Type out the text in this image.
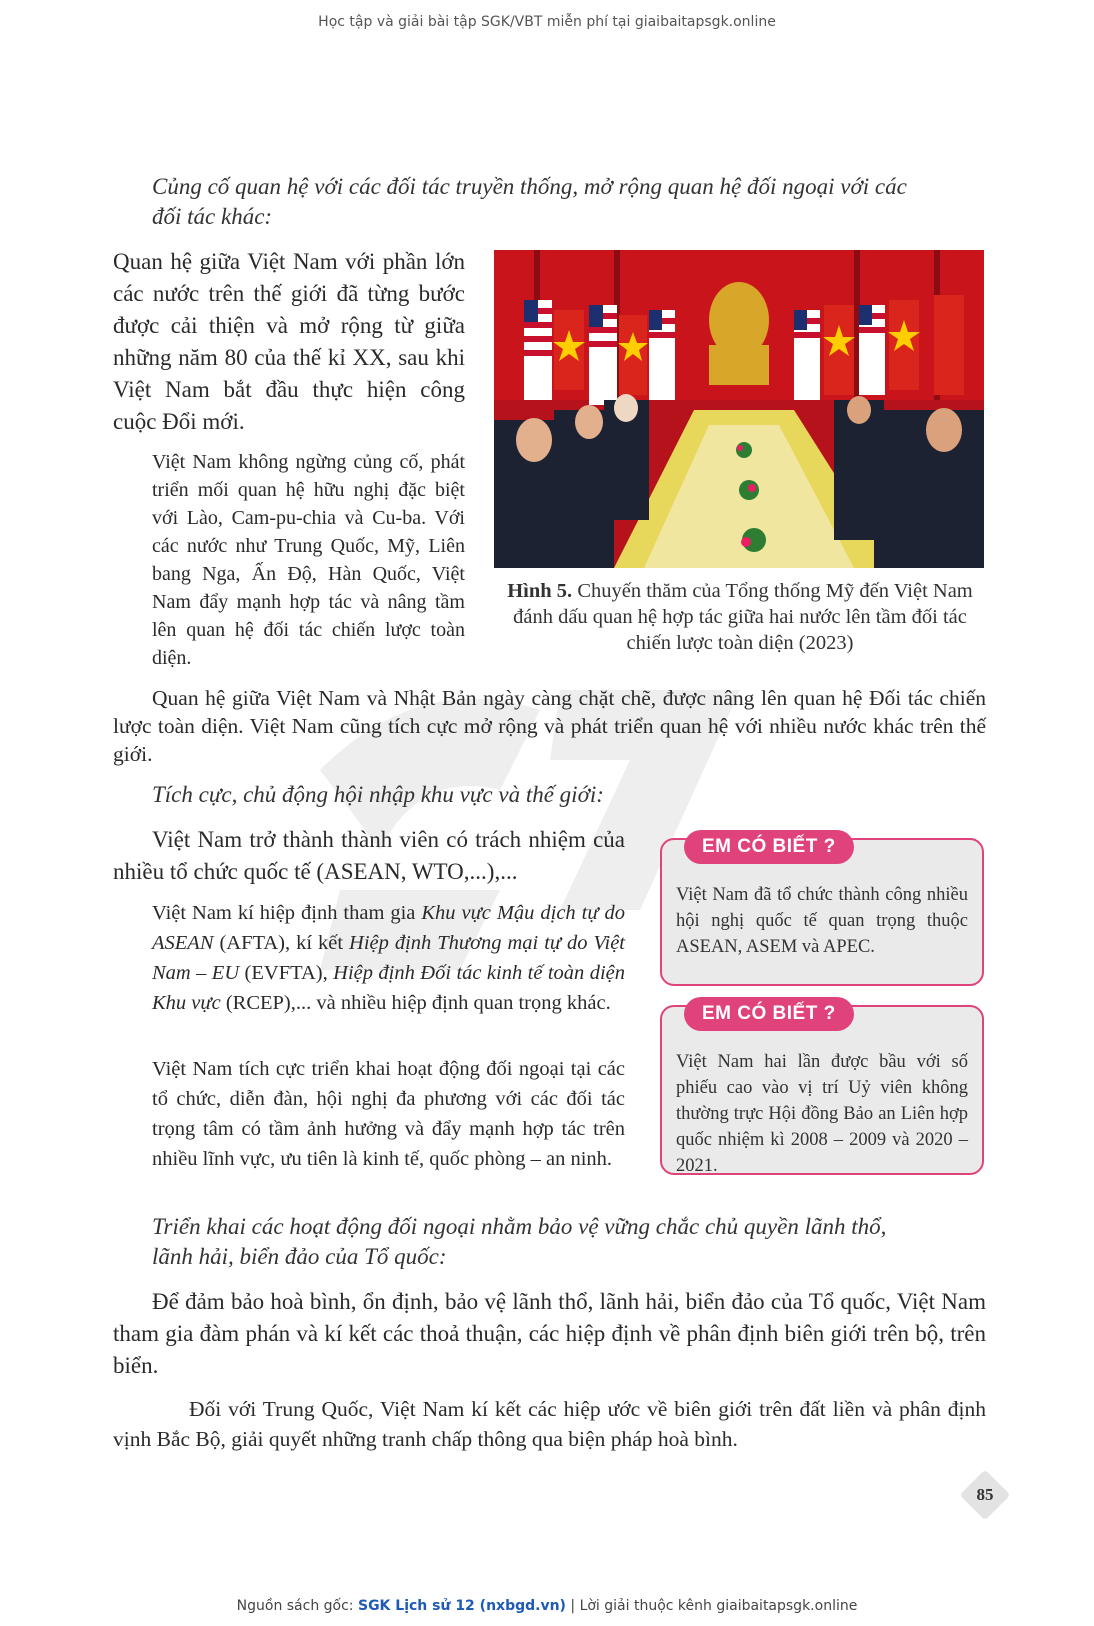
Học tập và giải bài tập SGK/VBT miễn phí tại giaibaitapsgk.online
Củng cố quan hệ với các đối tác truyền thống, mở rộng quan hệ đối ngoại với các
đối tác khác:

Quan hệ giữa Việt Nam với phần lớn các nước trên thế giới đã từng bước được cải thiện và mở rộng từ giữa những năm 80 của thế kỉ XX, sau khi Việt Nam bắt đầu thực hiện công cuộc Đổi mới.

Việt Nam không ngừng củng cố, phát triển mối quan hệ hữu nghị đặc biệt với Lào, Cam-pu-chia và Cu-ba. Với các nước như Trung Quốc, Mỹ, Liên bang Nga, Ấn Độ, Hàn Quốc, Việt Nam đẩy mạnh hợp tác và nâng tầm lên quan hệ đối tác chiến lược toàn diện.

Hình 5. Chuyến thăm của Tổng thống Mỹ đến Việt Nam đánh dấu quan hệ hợp tác giữa hai nước lên tầm đối tác chiến lược toàn diện (2023)

Quan hệ giữa Việt Nam và Nhật Bản ngày càng chặt chẽ, được nâng lên quan hệ Đối tác chiến lược toàn diện. Việt Nam cũng tích cực mở rộng và phát triển quan hệ với nhiều nước khác trên thế giới.

Tích cực, chủ động hội nhập khu vực và thế giới:

Việt Nam trở thành thành viên có trách nhiệm của nhiều tổ chức quốc tế (ASEAN, WTO,...),...

Việt Nam kí hiệp định tham gia Khu vực Mậu dịch tự do ASEAN (AFTA), kí kết Hiệp định Thương mại tự do Việt Nam – EU (EVFTA), Hiệp định Đối tác kinh tế toàn diện Khu vực (RCEP),... và nhiều hiệp định quan trọng khác.

Việt Nam tích cực triển khai hoạt động đối ngoại tại các tổ chức, diễn đàn, hội nghị đa phương với các đối tác trọng tâm có tầm ảnh hưởng và đẩy mạnh hợp tác trên nhiều lĩnh vực, ưu tiên là kinh tế, quốc phòng – an ninh.

EM CÓ BIẾT ?

Việt Nam đã tổ chức thành công nhiều hội nghị quốc tế quan trọng thuộc ASEAN, ASEM và APEC.

EM CÓ BIẾT ?

Việt Nam hai lần được bầu với số phiếu cao vào vị trí Uỷ viên không thường trực Hội đồng Bảo an Liên hợp quốc nhiệm kì 2008 – 2009 và 2020 – 2021.

Triển khai các hoạt động đối ngoại nhằm bảo vệ vững chắc chủ quyền lãnh thổ,
lãnh hải, biển đảo của Tổ quốc:

Để đảm bảo hoà bình, ổn định, bảo vệ lãnh thổ, lãnh hải, biển đảo của Tổ quốc, Việt Nam tham gia đàm phán và kí kết các thoả thuận, các hiệp định về phân định biên giới trên bộ, trên biển.

Đối với Trung Quốc, Việt Nam kí kết các hiệp ước về biên giới trên đất liền và phân định vịnh Bắc Bộ, giải quyết những tranh chấp thông qua biện pháp hoà bình.

85
Nguồn sách gốc: SGK Lịch sử 12 (nxbgd.vn) | Lời giải thuộc kênh giaibaitapsgk.online
